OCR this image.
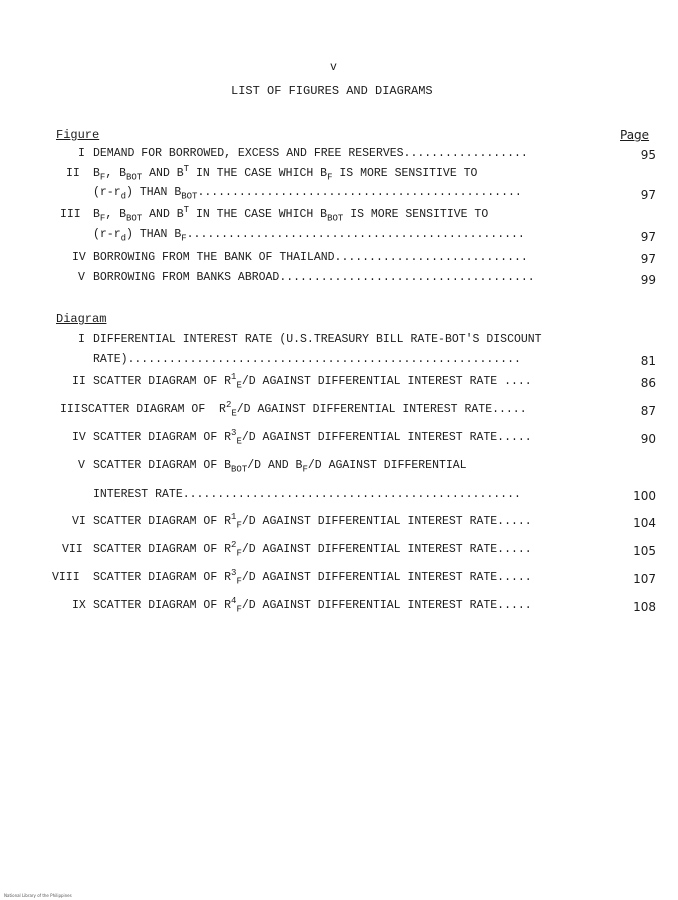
v
LIST OF FIGURES AND DIAGRAMS
Figure	Page
I DEMAND FOR BORROWED, EXCESS AND FREE RESERVES..................	95
II $B_F$, $B_{BOT}$ AND $B^T$ IN THE CASE WHICH $B_F$ IS MORE SENSITIVE TO
$(r-r_d)$ THAN $B_{BOT}$...............................................	97
III $B_F$, $B_{BOT}$ AND $B^T$ IN THE CASE WHICH $B_{BOT}$ IS MORE SENSITIVE TO
$(r-r_d)$ THAN $B_F$.................................................	97
IV BORROWING FROM THE BANK OF THAILAND............................	97
V BORROWING FROM BANKS ABROAD.....................................	99
Diagram
I DIFFERENTIAL INTEREST RATE (U.S.TREASURY BILL RATE-BOT'S DISCOUNT
RATE).........................................................	81
II SCATTER DIAGRAM OF $R^1_E/D$ AGAINST DIFFERENTIAL INTEREST RATE ....	86
III SCATTER DIAGRAM OF  $R^2_E/D$ AGAINST DIFFERENTIAL INTEREST RATE.....	87
IV SCATTER DIAGRAM OF $R^3_E/D$ AGAINST DIFFERENTIAL INTEREST RATE.....	90
V SCATTER DIAGRAM OF $B_{BOT}/D$ AND $B_F/D$ AGAINST DIFFERENTIAL
INTEREST RATE.................................................	100
VI SCATTER DIAGRAM OF $R^1_F/D$ AGAINST DIFFERENTIAL INTEREST RATE.....	104
VII SCATTER DIAGRAM OF $R^2_F/D$ AGAINST DIFFERENTIAL INTEREST RATE.....	105
VIII SCATTER DIAGRAM OF $R^3_F/D$ AGAINST DIFFERENTIAL INTEREST RATE.....	107
IX SCATTER DIAGRAM OF $R^4_F/D$ AGAINST DIFFERENTIAL INTEREST RATE.....	108
National Library of the Philippines
